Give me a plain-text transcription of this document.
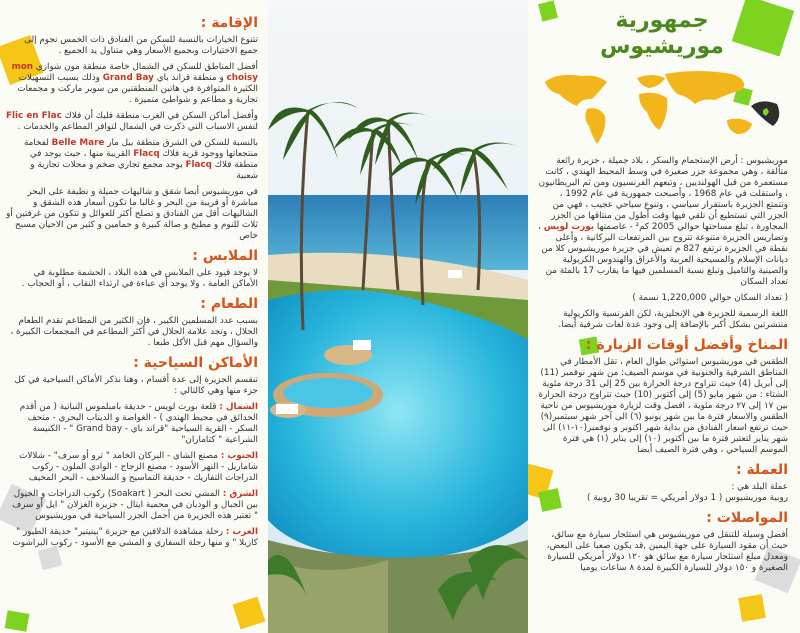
الإقامة :

تتنوع الخيارات بالنسبة للسكن من الفنادق ذات الخمس نجوم إلى جميع الاختيارات وبجميع الأسعار وهي متناول يد الجميع .

أفضل المناطق للسكن في الشمال خاصة منطقة مون شوازي mon choisy و منطقة قراند باي Grand Bay وذلك بسبب التسهيلات الكثيرة المتوافرة في هاتين المنطقتين من سوبر ماركت و مجمعات تجارية و مطاعم و شواطئ متميزة .

وأفضل أماكن السكن في الغرب منطقة فليك أن فلاك Flic en Flac لنفس الاسباب التي ذكرت في الشمال لتوافر المطاعم والخدمات .

بالنسبة للسكن في الشرق منطقة بيل مار Belle Mare لفخامة منتجعاتها ووجود قرية فلاك Flacq القريبة منها ، حيث يوجد في منطقة فلاك Flacq يوجد مجمع تجاري ضخم و محلات تجارية و شعبية

في موريشيوس أيضا شقق و شاليهات جميلة و نظيفة على البحر مباشرة أو قريبة من البحر و غالبا ما تكون أسعار هذه الشقق و الشاليهات أقل من الفنادق و تصلح أكثر للعوائل و تتكون من غرفتين أو ثلاث للنوم و مطبخ و صالة كبيرة و حمامين و كثير من الاحيان مسبح خاص

الملابس :

لا يوجد قيود على الملابس في هذه البلاد ، الحشمة مطلوبة في الأماكن العامة ، ولا يوجد أي عباءة في ارتداء النقاب ، أو الحجاب .

الطعام :

بسبب عدد المسلمين الكبير ، فإن الكثير من المطاعم تقدم الطعام الحلال ، وتجد علامة الحلال في أكثر المطاعم في المجمعات الكبيرة ، والسؤال مهم قبل الأكل طبعا .

الأماكن السياحية :

تنقسم الجزيرة إلى عدة أقسام ، وهنا نذكر الأماكن السياحية في كل جزء منها وهي كالتالي :

الشمال : قلعة بورت لويس - حديقة بامبلموس النباتية ( من أقدم الحدائق في محيط الهندي ) - الغواصة و الديناب البحري - متحف السكر - القرية السياحية "قراند باي - Grand bay " - الكنيسة الشراعية " كتاماران"

الجنوب : مصنع الشاي - البركان الخامد " ترو أو سرف" - شلالات شاماريل - النهر الأسود - مصنع الزجاج - الوادي الملون - ركوب الدراجات التفاريك - حديقة التماسيح و السلاحف - البحر المخيف

الشرق : المشي تحت البحر ( Soakart) ركوب الدراجات و الخيول بين الجبال و الوديان في محمية ايتال - جزيرة الغزلان " ايل أو سرف " تعتبر هذه الجزيرة من أجمل الجزر السياحية في موريشيوس

الغرب : رحلة مشاهدة الدلافين مع جزيرة "بينيتير" حديقة الطيور " كازيلا " و منها رحلة السفاري و المشي مع الأسود - ركوب البراشوت

جمهورية
موريشيوس

موريشيوس : أرض الإستجمام والسكر ، بلاد جميلة ، جزيرة رائعة متألقة ، وهي مجموعة جزر صغيرة في وسط المحيط الهندي ، كانت مستعمرة من قبل الهولنديين ، وتبعهم الفرنسيون ومن ثم البريطانيون ، واستقلت في عام 1968 ، وأصبحت جمهورية في عام 1992 ، وتتمتع الجزيرة باستقرار سياسي ، وتنوع سياحي عجيب ، فهي من الجزر التي تستطيع أن تلقي فيها وقت أطول من منتاقها من الجزر المجاورة ، تبلغ مساحتها حوالي 2005 كم² - عاصمتها بورت لويس ، وتضاريس الجزيرة متنوعة تتروح بين المرتفعات البركانية ، وأعلى نقطة في الجزيرة ترتفع 827 م تعيش في جزيرة موريشيوس كلا من ديانات الإسلام والمسيحية العربية والأعراق والهندوس الكريولية والصينية والتاميل وتبلغ نسبة المسلمين فيها ما يقارب 17 بالمئة من تعداد السكان

( تعداد السكان حوالي 1,220,000 نسمة )

اللغة الرسمية للجزيرة هي الإنجليزية، لكن الفرنسية والكريولية منتشرتين بشكل أكبر بالإضافة إلى وجود عدة لغات شرقية أيضا.

المناخ وأفضل أوقات الزيارة :

الطقس في موريشيوس استوائي طوال العام ، تقل الأمطار في المناطق الشرقية والجنوبية في موسم الصيف: من شهر نوفمبر (11) إلى أبريل (4) حيث تتراوح درجة الحرارة بين 25 إلى 31 درجة مئوية الشتاء : من شهر مايو (5) إلى أكتوبر (10) حيث تتراوح درجة الحرارة بين ١٧ إلى ٢٧ درجة مئوية ، افضل وقت لزيارة موريشيوس من ناحية الطقس والاسعار فترة ما بين شهر يونيو (٦) الى آخر شهر سبتمبر(٩) حيث ترتفع اسعار الفنادق من بداية شهر اكتوبر و نوفمبر(١٠-١١) الى شهر يناير لتعتبر فترة ما بين أكتوبر (١٠) إلى يناير (١) هي فترة الموسم السياحي ، وهي فترة الصيف أيضا

العملة :

عملة البلد هي :
روبية موريشيوس ( 1 دولار أمريكي = تقريبا 30 روبية )

المواصلات :

أفضل وسيلة للتنقل في موريشيوس هي استئجار سيارة مع سائق، حيث أن مقود السيارة على جهة اليمين ,قد يكون صعبا على البعض، ومعدل مبلغ استئجار سيارة مع سائق هو ١٢٠ دولار أمريكي للسيارة الصغيرة و ١٥٠ دولار للسيارة الكبيرة لمدة ٨ ساعات يوميا
